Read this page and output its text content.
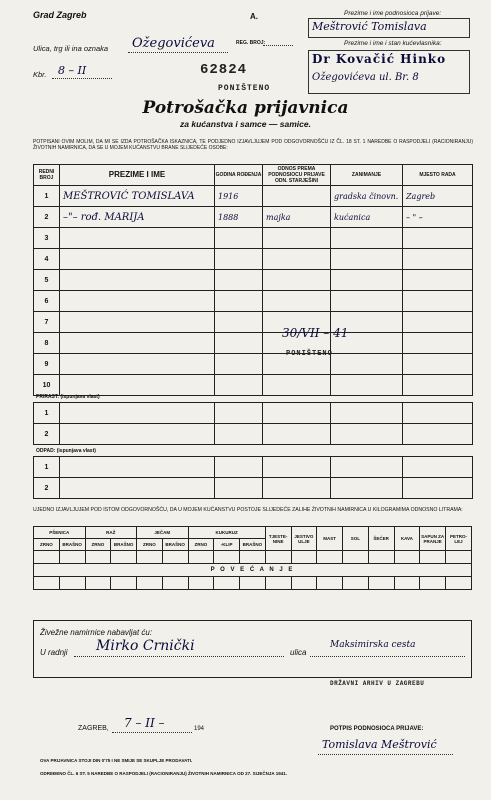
Grad Zagreb
Ulica, trg ili ina oznaka Ožegovićeva
Kbr. 8 – II
A.
REG. BROJ:
62824
PONIŠTENO
Prezime i ime podnosioca prijave:
Meštrović Tomislava
Prezime i ime i stan kućevlasnika:
Dr Kovačić Hinko
Ožegovićeva ul. Br. 8
Potrošačka prijavnica
za kućanstva i samce — samice.
POTPISANI OVIM MOLIM, DA MI SE IZDA POTROŠAČKA ISKAZNICA, TE PODJEDNO IZJAVLJUJEM POD ODGOVORNOŠĆU IZ ČL. 18 ST. 1 NAREDBE O RASPODJELI (RACIONIRANJU) ŽIVOTNIH NAMIRNICA, DA SE U MOJEM KUĆANSTVU BRANE SLIJEDEĆE OSOBE:
REDNI BROJ	PREZIME I IME	GODINA ROĐENJA	ODNOS PREMA PODNOSIOCU PRIJAVE ODN. STARJEŠINI	ZANIMANJE	MJESTO RADA
1	MEŠTROVIĆ TOMISLAVA	1916		gradska činovn.	Zagreb
2	–"– rođ. MARIJA	1888	majka	kućanica	– " –
3					
4					
5					
6					
7					
8					
9					
10					
30/VII – 41
PONIŠTENO
PRIRAST: (ispunjava vlast)
1					
2					
ODPAD: (ispunjava vlast)
1					
2					
UJEDNO IZJAVLJUJEM POD ISTOM ODGOVORNOŠĆU, DA U MOJEM KUĆANSTVU POSTOJE SLIJEDEĆE ZALIHE ŽIVOTNIH NAMIRNICA U KILOGRAMIMA ODNOSNO LITRAMA:
PŠENICA		RAŽ		JEČAM		KUKURUZ			TJESTE-NINE	JESTIVO ULJE	MAST	SOL	ŠEĆER	KAVA	SAPUN ZA PRANJE	PETRO-LEJ
ZRNO	BRAŠNO	ZRNO	BRAŠNO	ZRNO	BRAŠNO	ZRNO	-KLIP	BRAŠNO								

P O V E Ć A N J E																

Živežne namirnice nabavljat ću:
U radnji Mirko Crnički	ulica
Maksimirska cesta
DRŽAVNI ARHIV U ZAGREBU
ZAGREB, 7 – II –	194	POTPIS PODNOSIOCA PRIJAVE:
Tomislava Meštrović
OVA PRIJAVNICA STOJI DIN 0'75 I NE SMIJE SE SKUPLJE PRODAVATI.
ODREĐENO ČL. 6 ST. 5 NAREDBE O RASPODJELI (RACIONIRANJU) ŽIVOTNIH NAMIRNICA OD 27. SIJEČNJA 1941.
